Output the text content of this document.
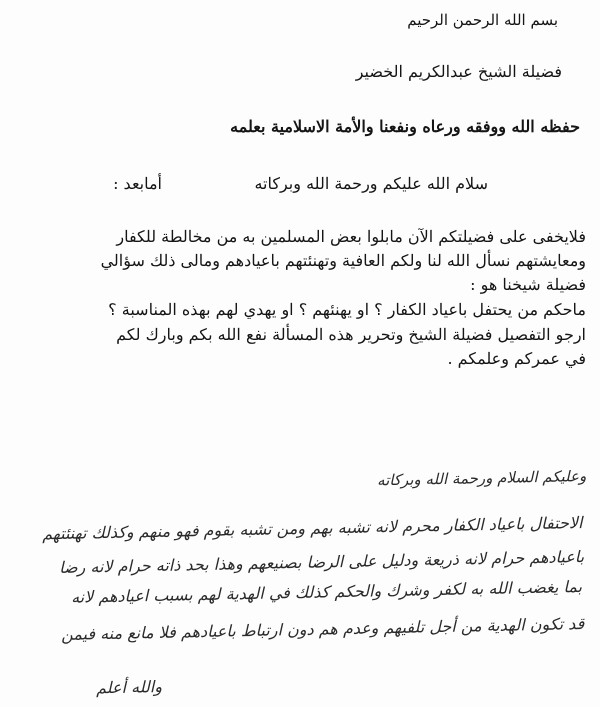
بسم الله الرحمن الرحيم
فضيلة الشيخ عبدالكريم الخضير
حفظه الله ووفقه ورعاه ونفعنا والأمة الاسلامية بعلمه
سلام الله عليكم ورحمة الله وبركاته
أمابعد :
فلايخفى على فضيلتكم الآن مابلوا بعض المسلمين به من مخالطة للكفار
ومعايشتهم نسأل الله لنا ولكم العافية وتهنئتهم باعيادهم ومالى ذلك سؤالي
فضيلة شيخنا هو :
ماحكم من يحتفل باعياد الكفار ؟ او يهنئهم ؟ او يهدي لهم بهذه المناسبة ؟
ارجو التفصيل فضيلة الشيخ وتحرير هذه المسألة نفع الله بكم وبارك لكم
في عمركم وعلمكم .
وعليكم السلام ورحمة الله وبركاته
الاحتفال باعياد الكفار محرم لانه تشبه بهم ومن تشبه بقوم فهو منهم وكذلك تهنئتهم
باعيادهم حرام لانه ذريعة ودليل على الرضا بصنيعهم وهذا بحد ذاته حرام لانه رضا
بما يغضب الله به لكفر وشرك والحكم كذلك في الهدية لهم بسبب اعيادهم لانه
قد تكون الهدية من أجل تلفيهم وعدم هم دون ارتباط باعيادهم فلا مانع منه فيمن
والله أعلم
